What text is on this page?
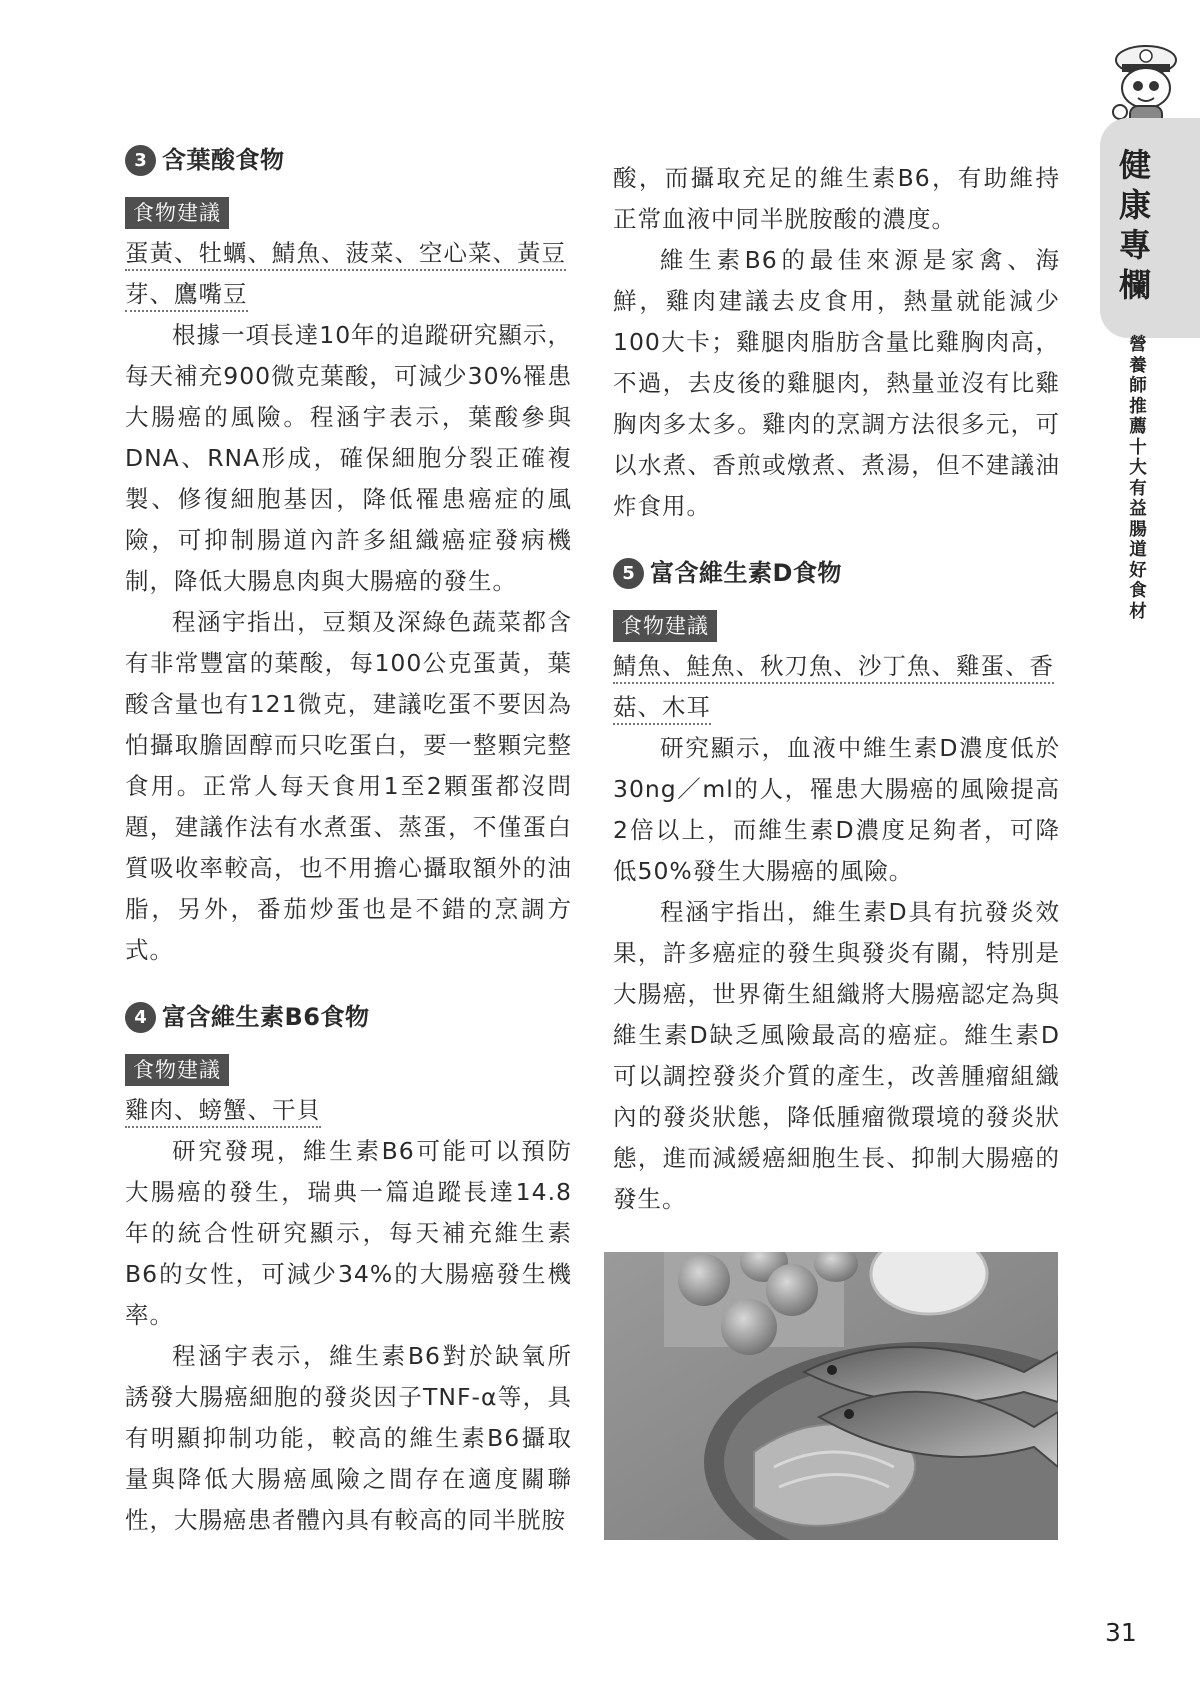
健
康
專
欄
營
養
師
推
薦
十
大
有
益
腸
道
好
食
材
3 含葉酸食物
食物建議
蛋黃、牡蠣、鯖魚、菠菜、空心菜、黃豆
芽、鷹嘴豆

根據一項長達10年的追蹤研究顯示，每天補充900微克葉酸，可減少30%罹患大腸癌的風險。程涵宇表示，葉酸參與DNA、RNA形成，確保細胞分裂正確複製、修復細胞基因，降低罹患癌症的風險，可抑制腸道內許多組織癌症發病機制，降低大腸息肉與大腸癌的發生。

程涵宇指出，豆類及深綠色蔬菜都含有非常豐富的葉酸，每100公克蛋黃，葉酸含量也有121微克，建議吃蛋不要因為怕攝取膽固醇而只吃蛋白，要一整顆完整食用。正常人每天食用1至2顆蛋都沒問題，建議作法有水煮蛋、蒸蛋，不僅蛋白質吸收率較高，也不用擔心攝取額外的油脂，另外，番茄炒蛋也是不錯的烹調方式。

4 富含維生素B6食物
食物建議
雞肉、螃蟹、干貝

研究發現，維生素B6可能可以預防大腸癌的發生，瑞典一篇追蹤長達14.8年的統合性研究顯示，每天補充維生素B6的女性，可減少34%的大腸癌發生機率。

程涵宇表示，維生素B6對於缺氧所誘發大腸癌細胞的發炎因子TNF-α等，具有明顯抑制功能，較高的維生素B6攝取量與降低大腸癌風險之間存在適度關聯性，大腸癌患者體內具有較高的同半胱胺

酸，而攝取充足的維生素B6，有助維持正常血液中同半胱胺酸的濃度。

維生素B6的最佳來源是家禽、海鮮，雞肉建議去皮食用，熱量就能減少100大卡；雞腿肉脂肪含量比雞胸肉高，不過，去皮後的雞腿肉，熱量並沒有比雞胸肉多太多。雞肉的烹調方法很多元，可以水煮、香煎或燉煮、煮湯，但不建議油炸食用。

5 富含維生素D食物
食物建議
鯖魚、鮭魚、秋刀魚、沙丁魚、雞蛋、香
菇、木耳

研究顯示，血液中維生素D濃度低於30ng／ml的人，罹患大腸癌的風險提高2倍以上，而維生素D濃度足夠者，可降低50%發生大腸癌的風險。

程涵宇指出，維生素D具有抗發炎效果，許多癌症的發生與發炎有關，特別是大腸癌，世界衛生組織將大腸癌認定為與維生素D缺乏風險最高的癌症。維生素D可以調控發炎介質的產生，改善腫瘤組織內的發炎狀態，降低腫瘤微環境的發炎狀態，進而減緩癌細胞生長、抑制大腸癌的發生。

31
